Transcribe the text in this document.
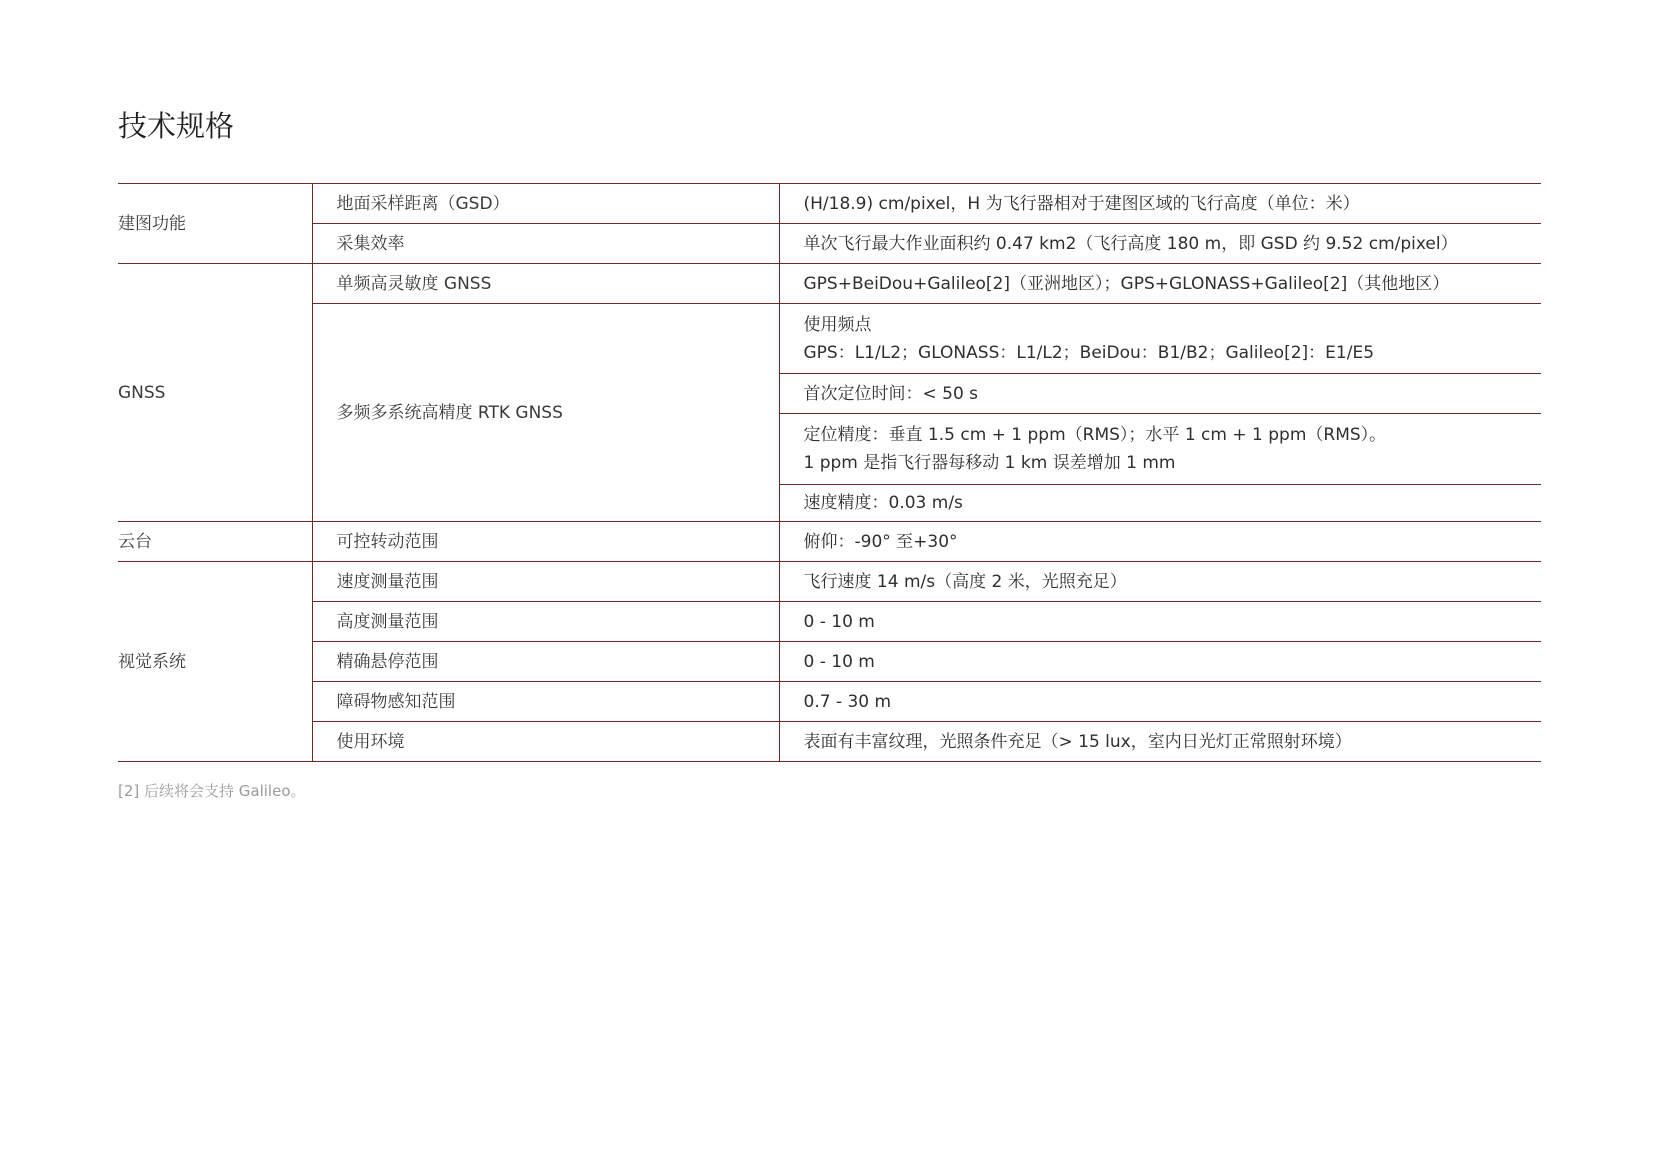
技术规格
建图功能	地面采样距离（GSD）	(H/18.9) cm/pixel，H 为飞行器相对于建图区域的飞行高度（单位：米）
	采集效率	单次飞行最大作业面积约 0.47 km2（飞行高度 180 m，即 GSD 约 9.52 cm/pixel）
GNSS	单频高灵敏度 GNSS	GPS+BeiDou+Galileo[2]（亚洲地区）；GPS+GLONASS+Galileo[2]（其他地区）
	多频多系统高精度 RTK GNSS	使用频点
GPS：L1/L2；GLONASS：L1/L2；BeiDou：B1/B2；Galileo[2]：E1/E5

		首次定位时间：< 50 s

		定位精度：垂直 1.5 cm + 1 ppm（RMS）；水平 1 cm + 1 ppm（RMS）。
1 ppm 是指飞行器每移动 1 km 误差增加 1 mm

		速度精度：0.03 m/s
云台	可控转动范围	俯仰：-90° 至+30°
视觉系统	速度测量范围	飞行速度 14 m/s（高度 2 米，光照充足）
	高度测量范围	0 - 10 m
	精确悬停范围	0 - 10 m
	障碍物感知范围	0.7 - 30 m
	使用环境	表面有丰富纹理，光照条件充足（> 15 lux，室内日光灯正常照射环境）
[2] 后续将会支持 Galileo。
